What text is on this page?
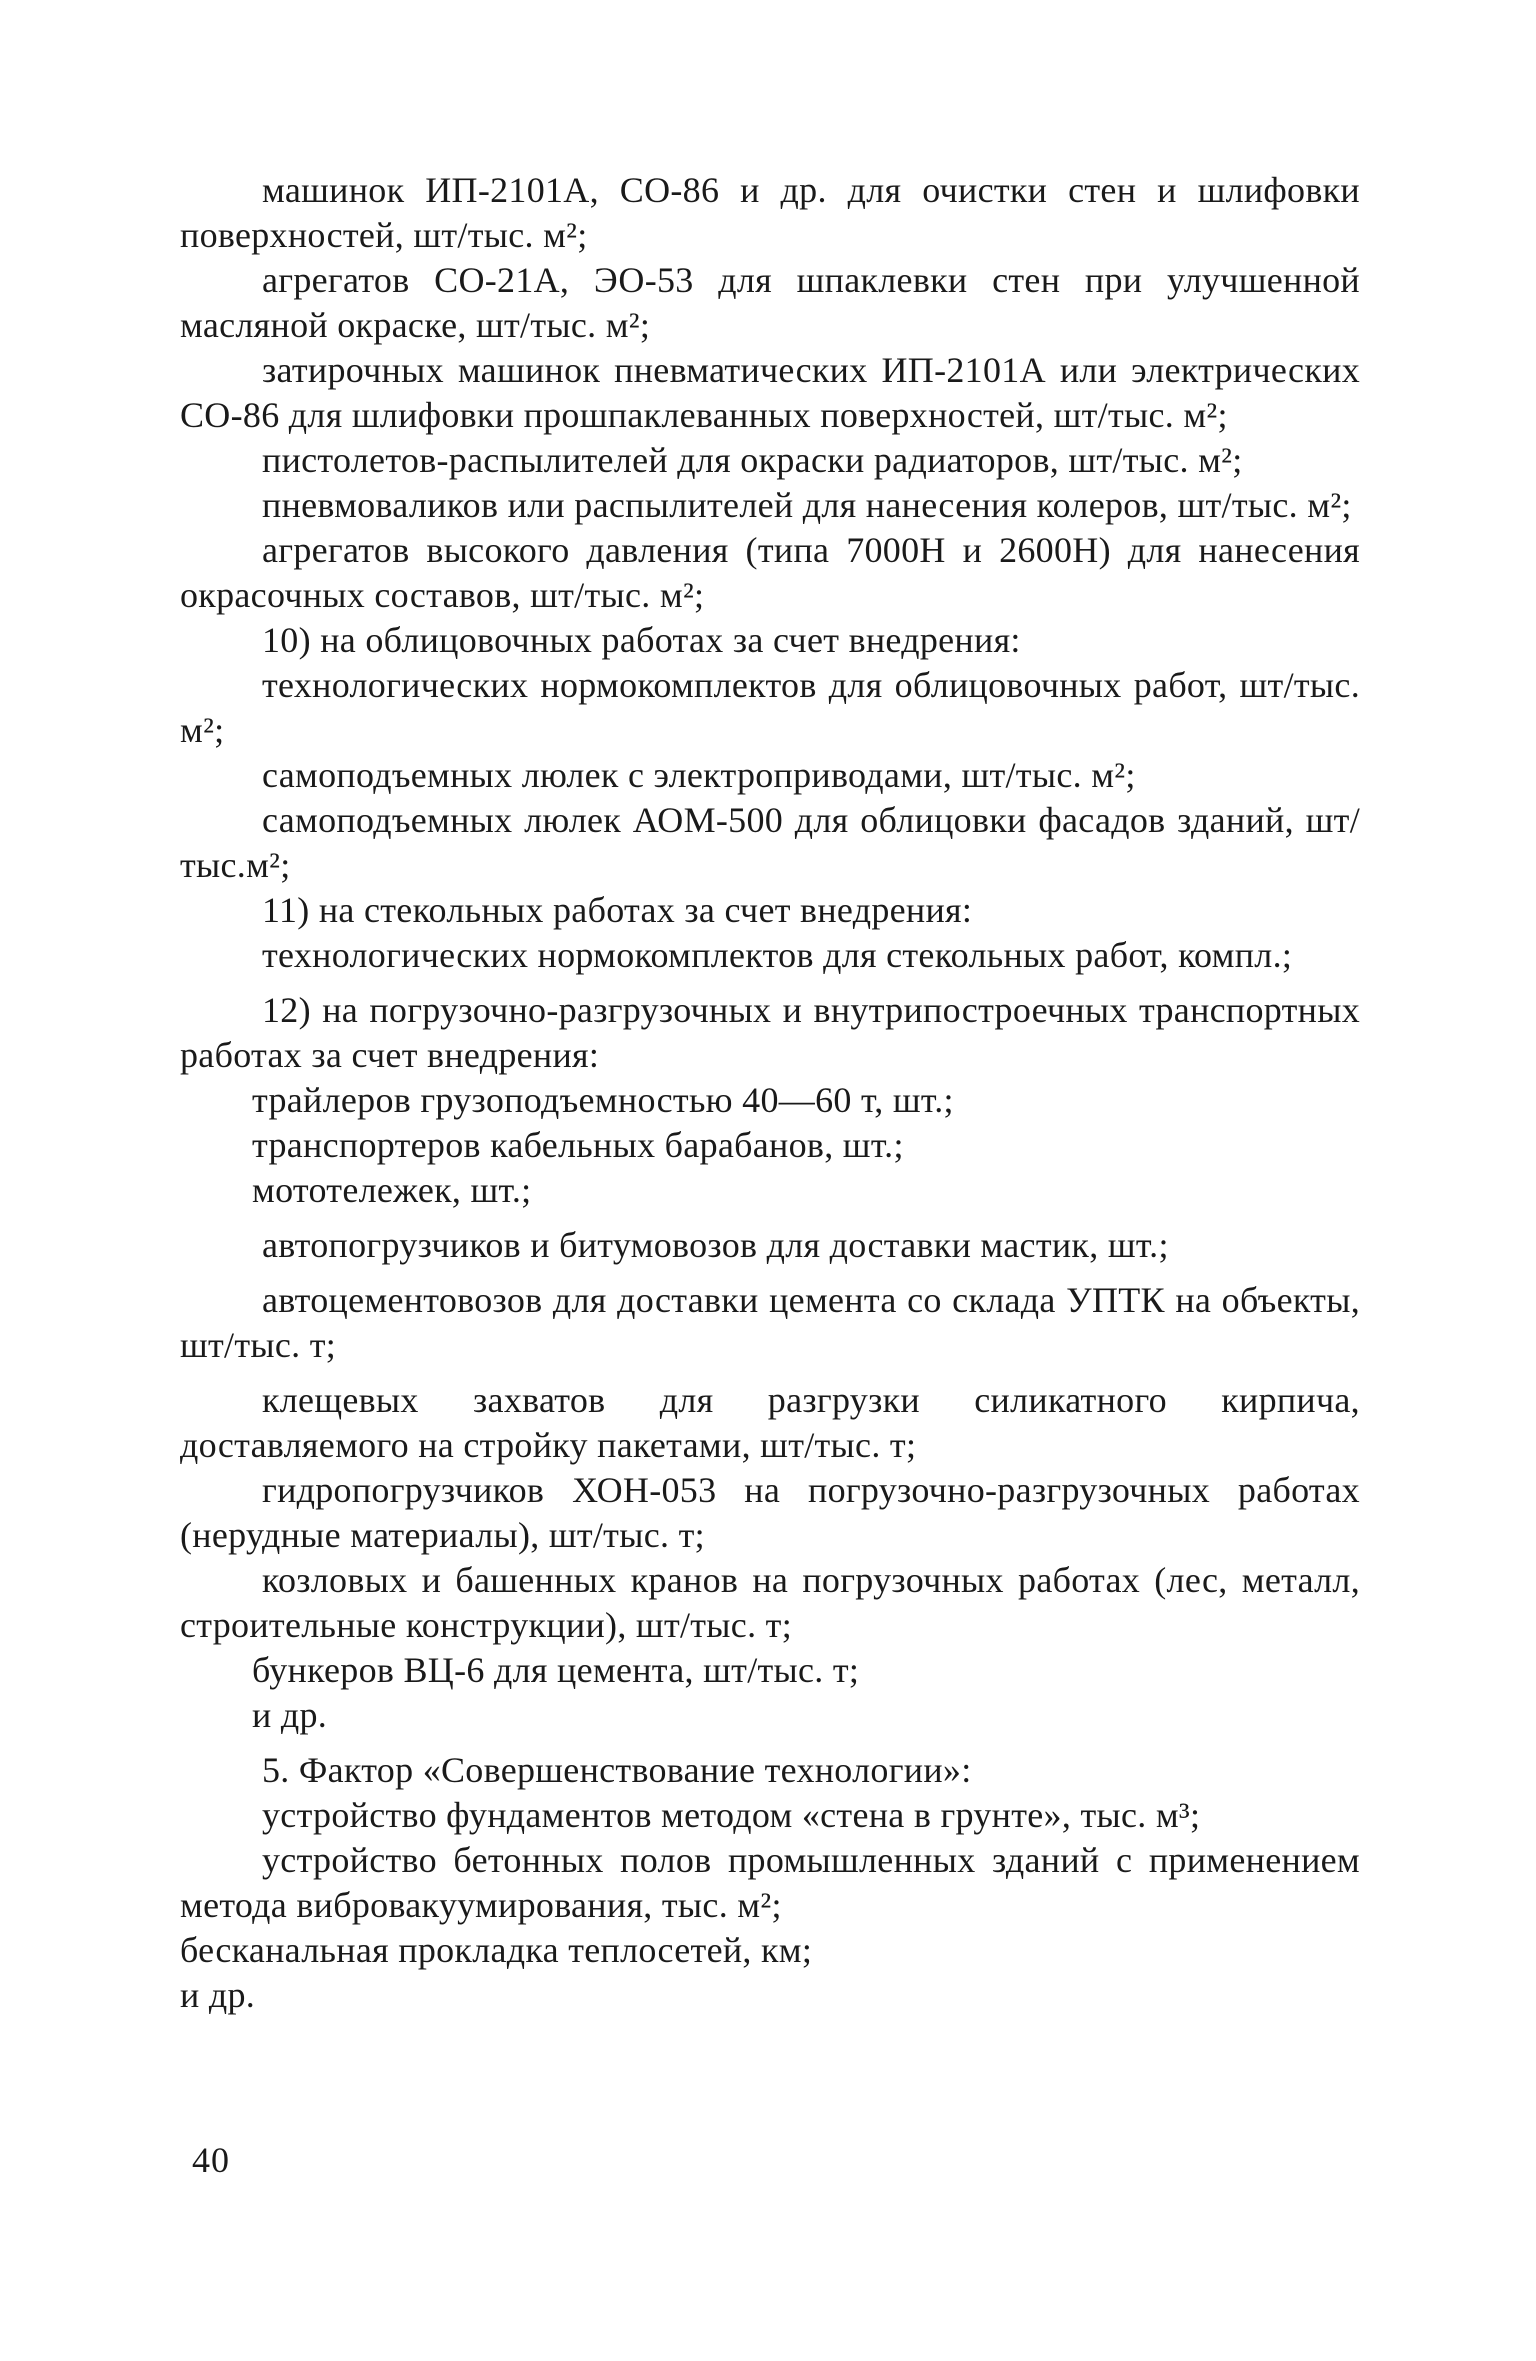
машинок ИП-2101А, СО-86 и др. для очистки стен и шлифовки поверхностей, шт/тыс. м²;

агрегатов СО-21А, ЭО-53 для шпаклевки стен при улучшенной масляной окраске, шт/тыс. м²;

затирочных машинок пневматических ИП-2101А или электрических СО-86 для шлифовки прошпаклеванных поверхностей, шт/тыс. м²;

пистолетов-распылителей для окраски радиаторов, шт/тыс. м²;

пневмоваликов или распылителей для нанесения колеров, шт/тыс. м²;

агрегатов высокого давления (типа 7000Н и 2600Н) для нанесения окрасочных составов, шт/тыс. м²;

10) на облицовочных работах за счет внедрения:

технологических нормокомплектов для облицовочных работ, шт/тыс. м²;

самоподъемных люлек с электроприводами, шт/тыс. м²;

самоподъемных люлек АОМ-500 для облицовки фасадов зданий, шт/тыс.м²;

11) на стекольных работах за счет внедрения:

технологических нормокомплектов для стекольных работ, компл.;

12) на погрузочно-разгрузочных и внутрипостроечных транспортных работах за счет внедрения:

трайлеров грузоподъемностью 40—60 т, шт.;

транспортеров кабельных барабанов, шт.;

мототележек, шт.;

автопогрузчиков и битумовозов для доставки мастик, шт.;

автоцементовозов для доставки цемента со склада УПТК на объекты, шт/тыс. т;

клещевых захватов для разгрузки силикатного кирпича, доставляемого на стройку пакетами, шт/тыс. т;

гидропогрузчиков ХОН-053 на погрузочно-разгрузочных работах (нерудные материалы), шт/тыс. т;

козловых и башенных кранов на погрузочных работах (лес, металл, строительные конструкции), шт/тыс. т;

бункеров ВЦ-6 для цемента, шт/тыс. т;

и др.

5. Фактор «Совершенствование технологии»:

устройство фундаментов методом «стена в грунте», тыс. м³;

устройство бетонных полов промышленных зданий с применением метода вибровакуумирования, тыс. м²;

бесканальная прокладка теплосетей, км;

и др.

40
